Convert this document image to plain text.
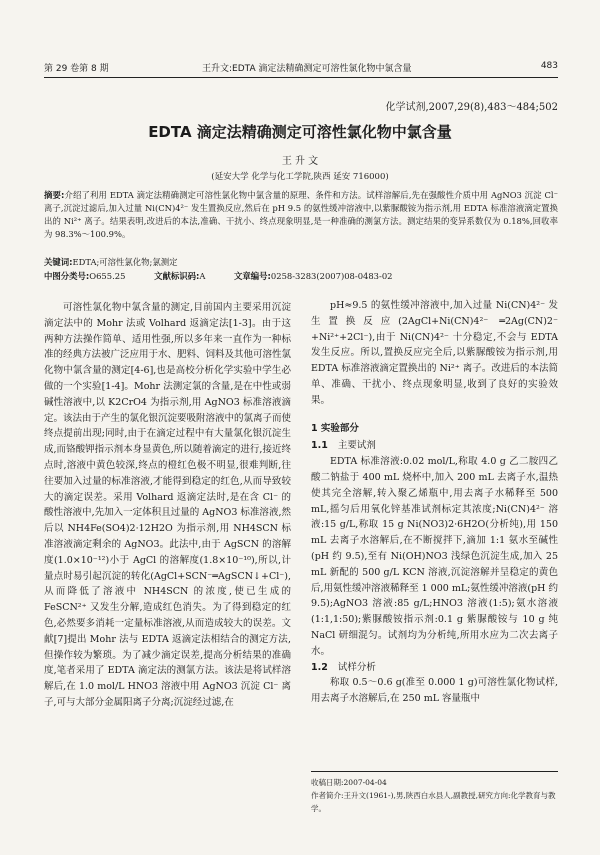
第 29 卷第 8 期	王升文:EDTA 滴定法精确测定可溶性氯化物中氯含量	483
化学试剂,2007,29(8),483～484;502
EDTA 滴定法精确测定可溶性氯化物中氯含量
王 升 文
(延安大学 化学与化工学院,陕西 延安 716000)
摘要:介绍了利用 EDTA 滴定法精确测定可溶性氯化物中氯含量的原理、条件和方法。试样溶解后,先在强酸性介质中用 AgNO3 沉淀 Cl⁻ 离子,沉淀过滤后,加入过量 Ni(CN)4²⁻ 发生置换反应,然后在 pH 9.5 的氨性缓冲溶液中,以紫脲酸铵为指示剂,用 EDTA 标准溶液滴定置换出的 Ni²⁺ 离子。结果表明,改进后的本法,准确、干扰小、终点现象明显,是一种准确的测氯方法。测定结果的变异系数仅为 0.18%,回收率为 98.3%～100.9%。
关键词:EDTA;可溶性氯化物;氯测定
中图分类号:O655.25	文献标识码:A	文章编号:0258-3283(2007)08-0483-02

可溶性氯化物中氯含量的测定,目前国内主要采用沉淀滴定法中的 Mohr 法或 Volhard 返滴定法[1-3]。由于这两种方法操作简单、适用性强,所以多年来一直作为一种标准的经典方法被广泛应用于水、肥料、饲料及其他可溶性氯化物中氯含量的测定[4-6],也是高校分析化学实验中学生必做的一个实验[1-4]。Mohr 法测定氯的含量,是在中性或弱碱性溶液中,以 K2CrO4 为指示剂,用 AgNO3 标准溶液滴定。该法由于产生的氯化银沉淀要吸附溶液中的氯离子而使终点提前出现;同时,由于在滴定过程中有大量氯化银沉淀生成,而铬酸钾指示剂本身显黄色,所以随着滴定的进行,接近终点时,溶液中黄色较深,终点的橙红色极不明显,很难判断,往往要加入过量的标准溶液,才能得到稳定的红色,从而导致较大的滴定误差。采用 Volhard 返滴定法时,是在含 Cl⁻ 的酸性溶液中,先加入一定体积且过量的 AgNO3 标准溶液,然后以 NH4Fe(SO4)2·12H2O 为指示剂,用 NH4SCN 标准溶液滴定剩余的 AgNO3。此法中,由于 AgSCN 的溶解度(1.0×10⁻¹²)小于 AgCl 的溶解度(1.8×10⁻¹⁰),所以,计量点时易引起沉淀的转化(AgCl+SCN⁻═AgSCN↓+Cl⁻),从而降低了溶液中 NH4SCN 的浓度,使已生成的 FeSCN²⁺ 又发生分解,造成红色消失。为了得到稳定的红色,必然要多消耗一定量标准溶液,从而造成较大的误差。文献[7]提出 Mohr 法与 EDTA 返滴定法相结合的测定方法,但操作较为繁琐。为了减少滴定误差,提高分析结果的准确度,笔者采用了 EDTA 滴定法的测氯方法。该法是将试样溶解后,在 1.0 mol/L HNO3 溶液中用 AgNO3 沉淀 Cl⁻ 离子,可与大部分金属阳离子分离;沉淀经过滤,在

pH≈9.5 的氨性缓冲溶液中,加入过量 Ni(CN)4²⁻ 发生置换反应(2AgCl+Ni(CN)4²⁻ ═2Ag(CN)2⁻ +Ni²⁺+2Cl⁻),由于 Ni(CN)4²⁻ 十分稳定,不会与 EDTA 发生反应。所以,置换反应完全后,以紫脲酸铵为指示剂,用 EDTA 标准溶液滴定置换出的 Ni²⁺ 离子。改进后的本法简单、准确、干扰小、终点现象明显,收到了良好的实验效果。

1 实验部分

1.1 主要试剂

EDTA 标准溶液:0.02 mol/L,称取 4.0 g 乙二胺四乙酸二钠盐于 400 mL 烧杯中,加入 200 mL 去离子水,温热使其完全溶解,转入聚乙烯瓶中,用去离子水稀释至 500 mL,摇匀后用氧化锌基准试剂标定其浓度;Ni(CN)4²⁻ 溶液:15 g/L,称取 15 g Ni(NO3)2·6H2O(分析纯),用 150 mL 去离子水溶解后,在不断搅拌下,滴加 1:1 氨水至碱性(pH 约 9.5),至有 Ni(OH)NO3 浅绿色沉淀生成,加入 25 mL 新配的 500 g/L KCN 溶液,沉淀溶解并呈稳定的黄色后,用氨性缓冲溶液稀释至 1 000 mL;氨性缓冲溶液(pH 约 9.5);AgNO3 溶液:85 g/L;HNO3 溶液(1:5);氨水溶液(1:1,1:50);紫脲酸铵指示剂:0.1 g 紫脲酸铵与 10 g 纯 NaCl 研细混匀。试剂均为分析纯,所用水应为二次去离子水。

1.2 试样分析

称取 0.5～0.6 g(准至 0.000 1 g)可溶性氯化物试样,用去离子水溶解后,在 250 mL 容量瓶中

收稿日期:2007-04-04
作者简介:王升文(1961-),男,陕西白水县人,副教授,研究方向:化学教育与教学。
